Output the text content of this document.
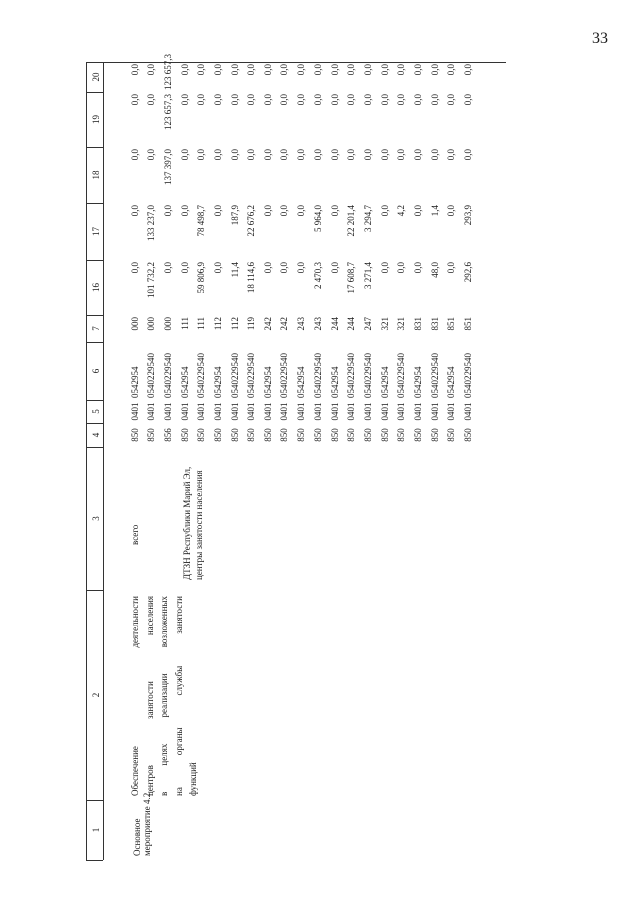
33
1
2
3
4
5
6
7
16
17
18
19
20
Основное мероприятие 4.2
Обеспечение деятельности центров занятости населения в целях реализации возложенных на органы службы занятости функций
всего	ДТЗН Республики Марий Эл, центры занятости населения
850
0401
0542954
000
0,0
0,0
0,0
0,0
0,0
850
0401
0540229540
000
101 732,2
133 237,0
0,0
0,0
0,0
856
0401
0540229540
000
0,0
0,0
137 397,0
123 657,3
123 657,3
850
0401
0542954
111
0,0
0,0
0,0
0,0
0,0
850
0401
0540229540
111
59 806,9
78 498,7
0,0
0,0
0,0
850
0401
0542954
112
0,0
0,0
0,0
0,0
0,0
850
0401
0540229540
112
11,4
187,9
0,0
0,0
0,0
850
0401
0540229540
119
18 114,6
22 676,2
0,0
0,0
0,0
850
0401
0542954
242
0,0
0,0
0,0
0,0
0,0
850
0401
0540229540
242
0,0
0,0
0,0
0,0
0,0
850
0401
0542954
243
0,0
0,0
0,0
0,0
0,0
850
0401
0540229540
243
2 470,3
5 964,0
0,0
0,0
0,0
850
0401
0542954
244
0,0
0,0
0,0
0,0
0,0
850
0401
0540229540
244
17 608,7
22 201,4
0,0
0,0
0,0
850
0401
0540229540
247
3 271,4
3 294,7
0,0
0,0
0,0
850
0401
0542954
321
0,0
0,0
0,0
0,0
0,0
850
0401
0540229540
321
0,0
4,2
0,0
0,0
0,0
850
0401
0542954
831
0,0
0,0
0,0
0,0
0,0
850
0401
0540229540
831
48,0
1,4
0,0
0,0
0,0
850
0401
0542954
851
0,0
0,0
0,0
0,0
0,0
850
0401
0540229540
851
292,6
293,9
0,0
0,0
0,0
